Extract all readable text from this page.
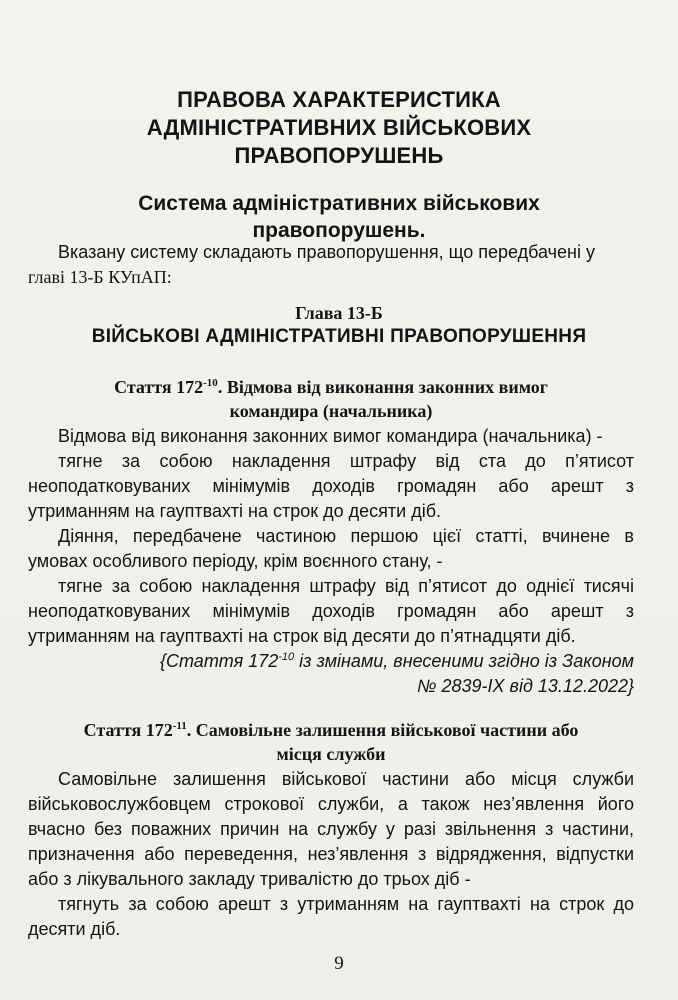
ПРАВОВА ХАРАКТЕРИСТИКА
АДМІНІСТРАТИВНИХ ВІЙСЬКОВИХ
ПРАВОПОРУШЕНЬ
Система адміністративних військових
правопорушень.
Вказану систему складають правопорушення, що передбачені у
главі 13-Б КУпАП:
Глава 13-Б
ВІЙСЬКОВІ АДМІНІСТРАТИВНІ ПРАВОПОРУШЕННЯ
Стаття $172^{-10}$. Відмова від виконання законних вимог
командира (начальника)
Відмова від виконання законних вимог командира (начальника) -
тягне за собою накладення штрафу від ста до п’ятисот
неоподатковуваних мінімумів доходів громадян або арешт з
утриманням на гауптвахті на строк до десяти діб.
Діяння, передбачене частиною першою цієї статті, вчинене в
умовах особливого періоду, крім воєнного стану, -
тягне за собою накладення штрафу від п’ятисот до однієї тисячі
неоподатковуваних мінімумів доходів громадян або арешт з
утриманням на гауптвахті на строк від десяти до п’ятнадцяти діб.
{Стаття $172^{-10}$ із змінами, внесеними згідно із Законом
№ 2839-IX від 13.12.2022}
Стаття $172^{-11}$. Самовільне залишення військової частини або
місця служби
Самовільне залишення військової частини або місця служби
військовослужбовцем строкової служби, а також нез’явлення його
вчасно без поважних причин на службу у разі звільнення з частини,
призначення або переведення, нез’явлення з відрядження, відпустки
або з лікувального закладу тривалістю до трьох діб -
тягнуть за собою арешт з утриманням на гауптвахті на строк до
десяти діб.
9
